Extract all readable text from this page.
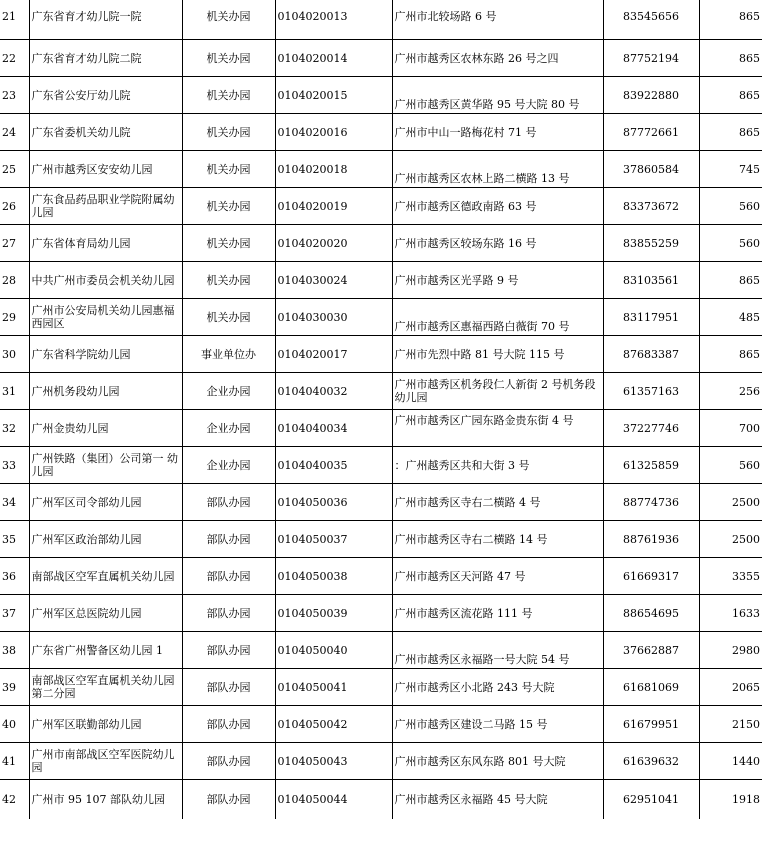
21	广东省育才幼儿院一院	机关办园	0104020013	广州市北较场路 6 号	83545656	865
22	广东省育才幼儿院二院	机关办园	0104020014	广州市越秀区农林东路 26 号之四	87752194	865
23	广东省公安厅幼儿院	机关办园	0104020015	广州市越秀区黄华路 95 号大院 80 号	83922880	865
24	广东省委机关幼儿院	机关办园	0104020016	广州市中山一路梅花村 71 号	87772661	865
25	广州市越秀区安安幼儿园	机关办园	0104020018	广州市越秀区农林上路二横路 13 号	37860584	745
26	广东食品药品职业学院附属幼儿园	机关办园	0104020019	广州市越秀区德政南路 63 号	83373672	560
27	广东省体育局幼儿园	机关办园	0104020020	广州市越秀区较场东路 16 号	83855259	560
28	中共广州市委员会机关幼儿园	机关办园	0104030024	广州市越秀区光孚路 9 号	83103561	865
29	广州市公安局机关幼儿园惠福西园区	机关办园	0104030030	广州市越秀区惠福西路白薇街 70 号	83117951	485
30	广东省科学院幼儿园	事业单位办	0104020017	广州市先烈中路 81 号大院 115 号	87683387	865
31	广州机务段幼儿园	企业办园	0104040032	广州市越秀区机务段仁人新街 2 号机务段幼儿园	61357163	256
32	广州金贵幼儿园	企业办园	0104040034	广州市越秀区广园东路金贵东街 4 号	37227746	700
33	广州铁路（集团）公司第一 幼儿园	企业办园	0104040035	：广州越秀区共和大街 3 号	61325859	560
34	广州军区司令部幼儿园	部队办园	0104050036	广州市越秀区寺右二横路 4 号	88774736	2500
35	广州军区政治部幼儿园	部队办园	0104050037	广州市越秀区寺右二横路 14 号	88761936	2500
36	南部战区空军直属机关幼儿园	部队办园	0104050038	广州市越秀区天河路 47 号	61669317	3355
37	广州军区总医院幼儿园	部队办园	0104050039	广州市越秀区流花路 111 号	88654695	1633
38	广东省广州警备区幼儿园 1	部队办园	0104050040	广州市越秀区永福路一号大院 54 号	37662887	2980
39	南部战区空军直属机关幼儿园第二分园	部队办园	0104050041	广州市越秀区小北路 243 号大院	61681069	2065
40	广州军区联勤部幼儿园	部队办园	0104050042	广州市越秀区建设二马路 15 号	61679951	2150
41	广州市南部战区空军医院幼儿园	部队办园	0104050043	广州市越秀区东风东路 801 号大院	61639632	1440
42	广州市 95 107 部队幼儿园	部队办园	0104050044	广州市越秀区永福路 45 号大院	62951041	1918
